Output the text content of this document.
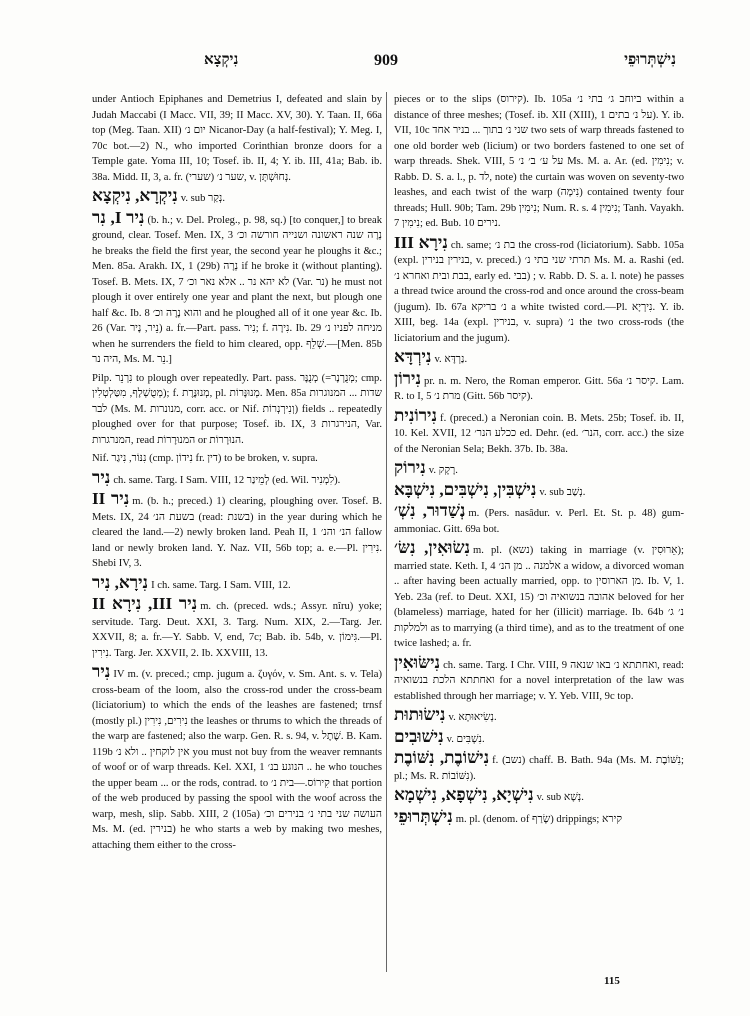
נִיקְצָא	909	נִישְׁתְּרוּפֵי

under Antioch Epiphanes and Demetrius I, defeated and slain by Judah Maccabi (I Macc. VII, 39; II Macc. XV, 30). Y. Taan. II, 66a top (Meg. Taan. XII) יום נ׳ Nicanor-Day (a half-festival); Y. Meg. I, 70c bot.—2) N., who imported Corinthian bronze doors for a Temple gate. Yoma III, 10; Tosef. ib. II, 4; Y. ib. III, 41a; Bab. ib. 38a. Midd. II, 3, a. fr. שער נ׳ (שערי), v. נְחוּשְׁתָּן.

נִיקְרָא, נִיקְצָא v. sub נְקַר.

נִיר I, נִר (b. h.; v. Del. Proleg., p. 98, sq.) [to conquer,] to break ground, clear. Tosef. Men. IX, 3 נְרָה שנה ראשונה ושנייה חורשה וכ׳ he breaks the field the first year, the second year he ploughs it &c.; Men. 85a. Arakh. IX, 1 (29b) נְרָה if he broke it (without planting). Tosef. B. Mets. IX, 7 לא יהא נר .. אלא נאר וכ׳ (Var. נר) he must not plough it over entirely one year and plant the next, but plough one half &c. Ib. 8 והוא נָרָה וכ׳ and he ploughed all of it one year &c. Ib. 26 (Var. נֵיר, נָיר) a. fr.—Part. pass. נִיר; f. נִירָה. Ib. 29 מניחה לפניו נ׳ when he surrenders the field to him cleared, opp. שְׁלֵף.—[Men. 85b היה נר, Ms. M. נֵר.]

Pilp. נִרְנֵר to plough over repeatedly. Part. pass. מְנֻנָּר (=מְנֻרְנָר; cmp. מְטֻשְׁלָף, מִטַּלְטְלִין); f. מְנוּנֶּרֶת, pl. מְנוּנָּרוֹת. Men. 85a שדות ... המנוגרות לבר (Ms. M. מנונרות, corr. acc. or Nif. וְנִירְנְרוֹת) fields .. repeatedly ploughed over for that purpose; Tosef. ib. IX, 3 הנירגרות, Var. המנרגרות, read המנוּרָרוֹת or הנוּרָרוֹת.

Nif. נִנּוֹר, נִיגַר (cmp. נִידוֹן fr. דין) to be broken, v. supra.

נִיר ch. same. Targ. I Sam. VIII, 12 לְמֵינַר (ed. Wil. לִמְנִיר).

נִיר II m. (b. h.; preced.) 1) clearing, ploughing over. Tosef. B. Mets. IX, 24 בשעת הנ׳ (read: בשנת) in the year during which he cleared the land.—2) newly broken land. Peah II, 1 הנ׳ והנ׳ fallow land or newly broken land. Y. Naz. VII, 56b top; a. e.—Pl. נִירִין. Shebi IV, 3.

נִירָא, נִיר I ch. same. Targ. I Sam. VIII, 12.

נִיר III, נִירָא II m. ch. (preced. wds.; Assyr. nîru) yoke; servitude. Targ. Deut. XXI, 3. Targ. Num. XIX, 2.—Targ. Jer. XXVII, 8; a. fr.—Y. Sabb. V, end, 7c; Bab. ib. 54b, v. גִּימוֹן.—Pl. נִירִין. Targ. Jer. XXVII, 2. Ib. XXVIII, 13.

נִיר IV m. (v. preced.; cmp. jugum a. ζυγόν, v. Sm. Ant. s. v. Tela) cross-beam of the loom, also the cross-rod under the cross-beam (liciatorium) to which the ends of the leashes are fastened; trnsf (mostly pl.) נִירִים, נִירִין the leashes or thrums to which the threads of the warp are fastened; also the warp. Gen. R. s. 94, v. שֶׁתֶל. B. Kam. 119b אין לוקחין .. ולא נ׳ you must not buy from the weaver remnants of woof or of warp threads. Kel. XXI, 1 הנוגע בנ׳ .. he who touches the upper beam ... or the rods, contrad. to קִירוֹס.—בית נ׳ that portion of the web produced by passing the spool with the woof across the warp, mesh, slip. Sabb. XIII, 2 (105a) העושה שני בתי נ׳ בנירים וכ׳ Ms. M. (ed. בנירין) he who starts a web by making two meshes, attaching them either to the cross-

pieces or to the slips (קירוס). Ib. 105a ביוחב ג׳ בתי נ׳ within a distance of three meshes; (Tosef. ib. XII (XIII), 1 על נ׳ בתים). Y. ib. VII, 10c שני נ׳ בתוך ... בניר אחד two sets of warp threads fastened to one old border web (licium) or two borders fastened to one set of warp threads. Shek. VIII, 5 על ע׳ ב׳ נ׳ Ms. M. a. Ar. (ed. נִימִין; v. Rabb. D. S. a. l., p. לד, note) the curtain was woven on seventy-two leashes, and each twist of the warp (נִימָה) contained twenty four threads; Hull. 90b; Tam. 29b נִימִין; Num. R. s. 4 נִימִין; Tanh. Vayakh. 7 נִימִין; ed. Bub. 10 נירים.

נִירָא III ch. same; בת נ׳ the cross-rod (liciatorium). Sabb. 105a (expl. בנירין בנירין, v. preced.) תרתי שני בתי נ׳ Ms. M. a. Rashi (ed. בבת ובית ואחרא נ׳, early ed. בבי) ; v. Rabb. D. S. a. l. note) he passes a thread twice around the cross-rod and once around the cross-beam (jugum). Ib. 67a נ׳ בריקא a white twisted cord.—Pl. נִירְיָא. Y. ib. XIII, beg. 14a (expl. בנירין, v. supra) נ׳ the two cross-rods (the liciatorium and the jugum).

נִירְדָּא v. נַרְדָּא.

נִירוֹן pr. n. m. Nero, the Roman emperor. Gitt. 56a קיסר נ׳. Lam. R. to I, 5 מרת נ׳ (Gitt. 56b קיסר).

נִירוֹנִית f. (preced.) a Neronian coin. B. Mets. 25b; Tosef. ib. II, 10. Kel. XVII, 12 ככלע הנר׳ ed. Dehr. (ed. הנר׳, corr. acc.) the size of the Neronian Sela; Bekh. 37b. Ib. 38a.

נִירוֹק v. רָקָק.

נִישְׁבִּין, נִישְׁבִּים, נִישְׁבָּא v. sub נְשַׁב.

נְשַׁדוּר, נִשְׁ׳ m. (Pers. nasâdur. v. Perl. Et. St. p. 48) gum-ammoniac. Gitt. 69a bot.

נִשׂוּאִין, נִשּׂ׳ m. pl. (נשא) taking in marriage (v. אֵרוּסִין); married state. Keth. I, 4 אלמנה .. מן הנ׳ a widow, a divorced woman .. after having been actually married, opp. to מן הארוסין. Ib. V, 1. Yeb. 23a (ref. to Deut. XXI, 15) אהובה בנשואיה וכ׳ beloved for her (blameless) marriage, hated for her (illicit) marriage. Ib. 64b נ׳ ג׳ ולמלקות as to marrying (a third time), and as to the treatment of one twice lashed; a. fr.

נִישּׂוּאִין ch. same. Targ. I Chr. VIII, 9 ואחתתא נ׳ באו שנאה, read: ואחתתא הלכת בנשואיה for a novel interpretation of the law was established through her marriage; v. Y. Yeb. VIII, 9c top.

נִישׂוּתוּת v. נְשִׂיאוּתָא.

נִישׁוּבִים v. נִשְׁבִּים.

נִישׁוֹבֶת, נִשּׁוֹבֶת f. (נשב) chaff. B. Bath. 94a (Ms. M. נִשּׁוֹבֶת; pl.; Ms. R. נִשּׁוֹבוֹת).

נִישְׁיָא, נִישְׁפָא, נִישְׁמָא v. sub נְשָׁא.

נִישְׁתְּרוּפֵי m. pl. (denom. of שָׂרַף) drippings; קירא

115
